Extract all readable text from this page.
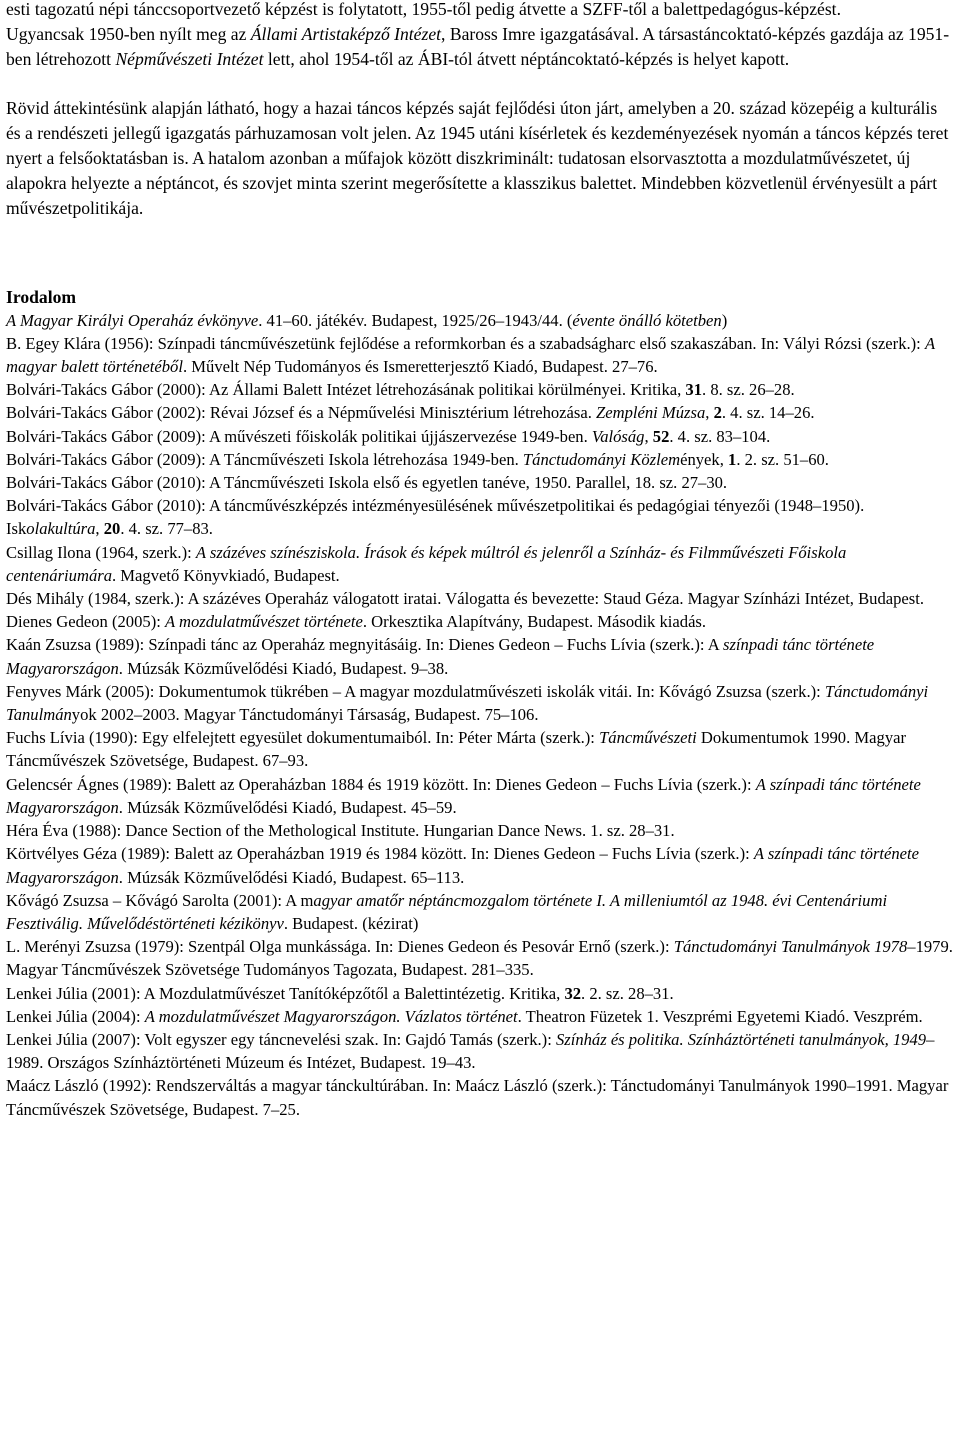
esti tagozatú népi tánccsoportvezető képzést is folytatott, 1955-től pedig átvette a SZFF-től a balettpedagógus-képzést.
Ugyancsak 1950-ben nyílt meg az Állami Artistaképző Intézet, Baross Imre igazgatásával. A társastáncoktató-képzés gazdája az 1951-ben létrehozott Népművészeti Intézet lett, ahol 1954-től az ÁBI-tól átvett néptáncoktató-képzés is helyet kapott.

Rövid áttekintésünk alapján látható, hogy a hazai táncos képzés saját fejlődési úton járt, amelyben a 20. század közepéig a kulturális és a rendészeti jellegű igazgatás párhuzamosan volt jelen. Az 1945 utáni kísérletek és kezdeményezések nyomán a táncos képzés teret nyert a felsőoktatásban is. A hatalom azonban a műfajok között diszkriminált: tudatosan elsorvasztotta a mozdulatművészetet, új alapokra helyezte a néptáncot, és szovjet minta szerint megerősítette a klasszikus balettet. Mindebben közvetlenül érvényesült a párt művészetpolitikája.

Irodalom

A Magyar Királyi Operaház évkönyve. 41–60. játékév. Budapest, 1925/26–1943/44. (évente önálló kötetben)

B. Egey Klára (1956): Színpadi táncművészetünk fejlődése a reformkorban és a szabadságharc első szakaszában. In: Vályi Rózsi (szerk.): A magyar balett történetéből. Művelt Nép Tudományos és Ismeretterjesztő Kiadó, Budapest. 27–76.

Bolvári-Takács Gábor (2000): Az Állami Balett Intézet létrehozásának politikai körülményei. Kritika, 31. 8. sz. 26–28.

Bolvári-Takács Gábor (2002): Révai József és a Népművelési Minisztérium létrehozása. Zempléni Múzsa, 2. 4. sz. 14–26.

Bolvári-Takács Gábor (2009): A művészeti főiskolák politikai újjászervezése 1949-ben. Valóság, 52. 4. sz. 83–104.

Bolvári-Takács Gábor (2009): A Táncművészeti Iskola létrehozása 1949-ben. Tánctudományi Közlemények, 1. 2. sz. 51–60.

Bolvári-Takács Gábor (2010): A Táncművészeti Iskola első és egyetlen tanéve, 1950. Parallel, 18. sz. 27–30.

Bolvári-Takács Gábor (2010): A táncművészképzés intézményesülésének művészetpolitikai és pedagógiai tényezői (1948–1950). Iskolakultúra, 20. 4. sz. 77–83.

Csillag Ilona (1964, szerk.): A százéves színésziskola. Írások és képek múltról és jelenről a Színház- és Filmművészeti Főiskola centenáriumára. Magvető Könyvkiadó, Budapest.

Dés Mihály (1984, szerk.): A százéves Operaház válogatott iratai. Válogatta és bevezette: Staud Géza. Magyar Színházi Intézet, Budapest.

Dienes Gedeon (2005): A mozdulatművészet története. Orkesztika Alapítvány, Budapest. Második kiadás.

Kaán Zsuzsa (1989): Színpadi tánc az Operaház megnyitásáig. In: Dienes Gedeon – Fuchs Lívia (szerk.): A színpadi tánc története Magyarországon. Múzsák Közművelődési Kiadó, Budapest. 9–38.

Fenyves Márk (2005): Dokumentumok tükrében – A magyar mozdulatművészeti iskolák vitái. In: Kővágó Zsuzsa (szerk.): Tánctudományi Tanulmányok 2002–2003. Magyar Tánctudományi Társaság, Budapest. 75–106.

Fuchs Lívia (1990): Egy elfelejtett egyesület dokumentumaiból. In: Péter Márta (szerk.): Táncművészeti Dokumentumok 1990. Magyar Táncművészek Szövetsége, Budapest. 67–93.

Gelencsér Ágnes (1989): Balett az Operaházban 1884 és 1919 között. In: Dienes Gedeon – Fuchs Lívia (szerk.): A színpadi tánc története Magyarországon. Múzsák Közművelődési Kiadó, Budapest. 45–59.

Héra Éva (1988): Dance Section of the Methological Institute. Hungarian Dance News. 1. sz. 28–31.

Körtvélyes Géza (1989): Balett az Operaházban 1919 és 1984 között. In: Dienes Gedeon – Fuchs Lívia (szerk.): A színpadi tánc története Magyarországon. Múzsák Közművelődési Kiadó, Budapest. 65–113.

Kővágó Zsuzsa – Kővágó Sarolta (2001): A magyar amatőr néptáncmozgalom története I. A milleniumtól az 1948. évi Centenáriumi Fesztiválig. Művelődéstörténeti kézikönyv. Budapest. (kézirat)

L. Merényi Zsuzsa (1979): Szentpál Olga munkássága. In: Dienes Gedeon és Pesovár Ernő (szerk.): Tánctudományi Tanulmányok 1978–1979. Magyar Táncművészek Szövetsége Tudományos Tagozata, Budapest. 281–335.

Lenkei Júlia (2001): A Mozdulatművészet Tanítóképzőtől a Balettintézetig. Kritika, 32. 2. sz. 28–31.

Lenkei Júlia (2004): A mozdulatművészet Magyarországon. Vázlatos történet. Theatron Füzetek 1. Veszprémi Egyetemi Kiadó. Veszprém.

Lenkei Júlia (2007): Volt egyszer egy táncnevelési szak. In: Gajdó Tamás (szerk.): Színház és politika. Színháztörténeti tanulmányok, 1949–1989. Országos Színháztörténeti Múzeum és Intézet, Budapest. 19–43.

Maácz László (1992): Rendszerváltás a magyar tánckultúrában. In: Maácz László (szerk.): Tánctudományi Tanulmányok 1990–1991. Magyar Táncművészek Szövetsége, Budapest. 7–25.
